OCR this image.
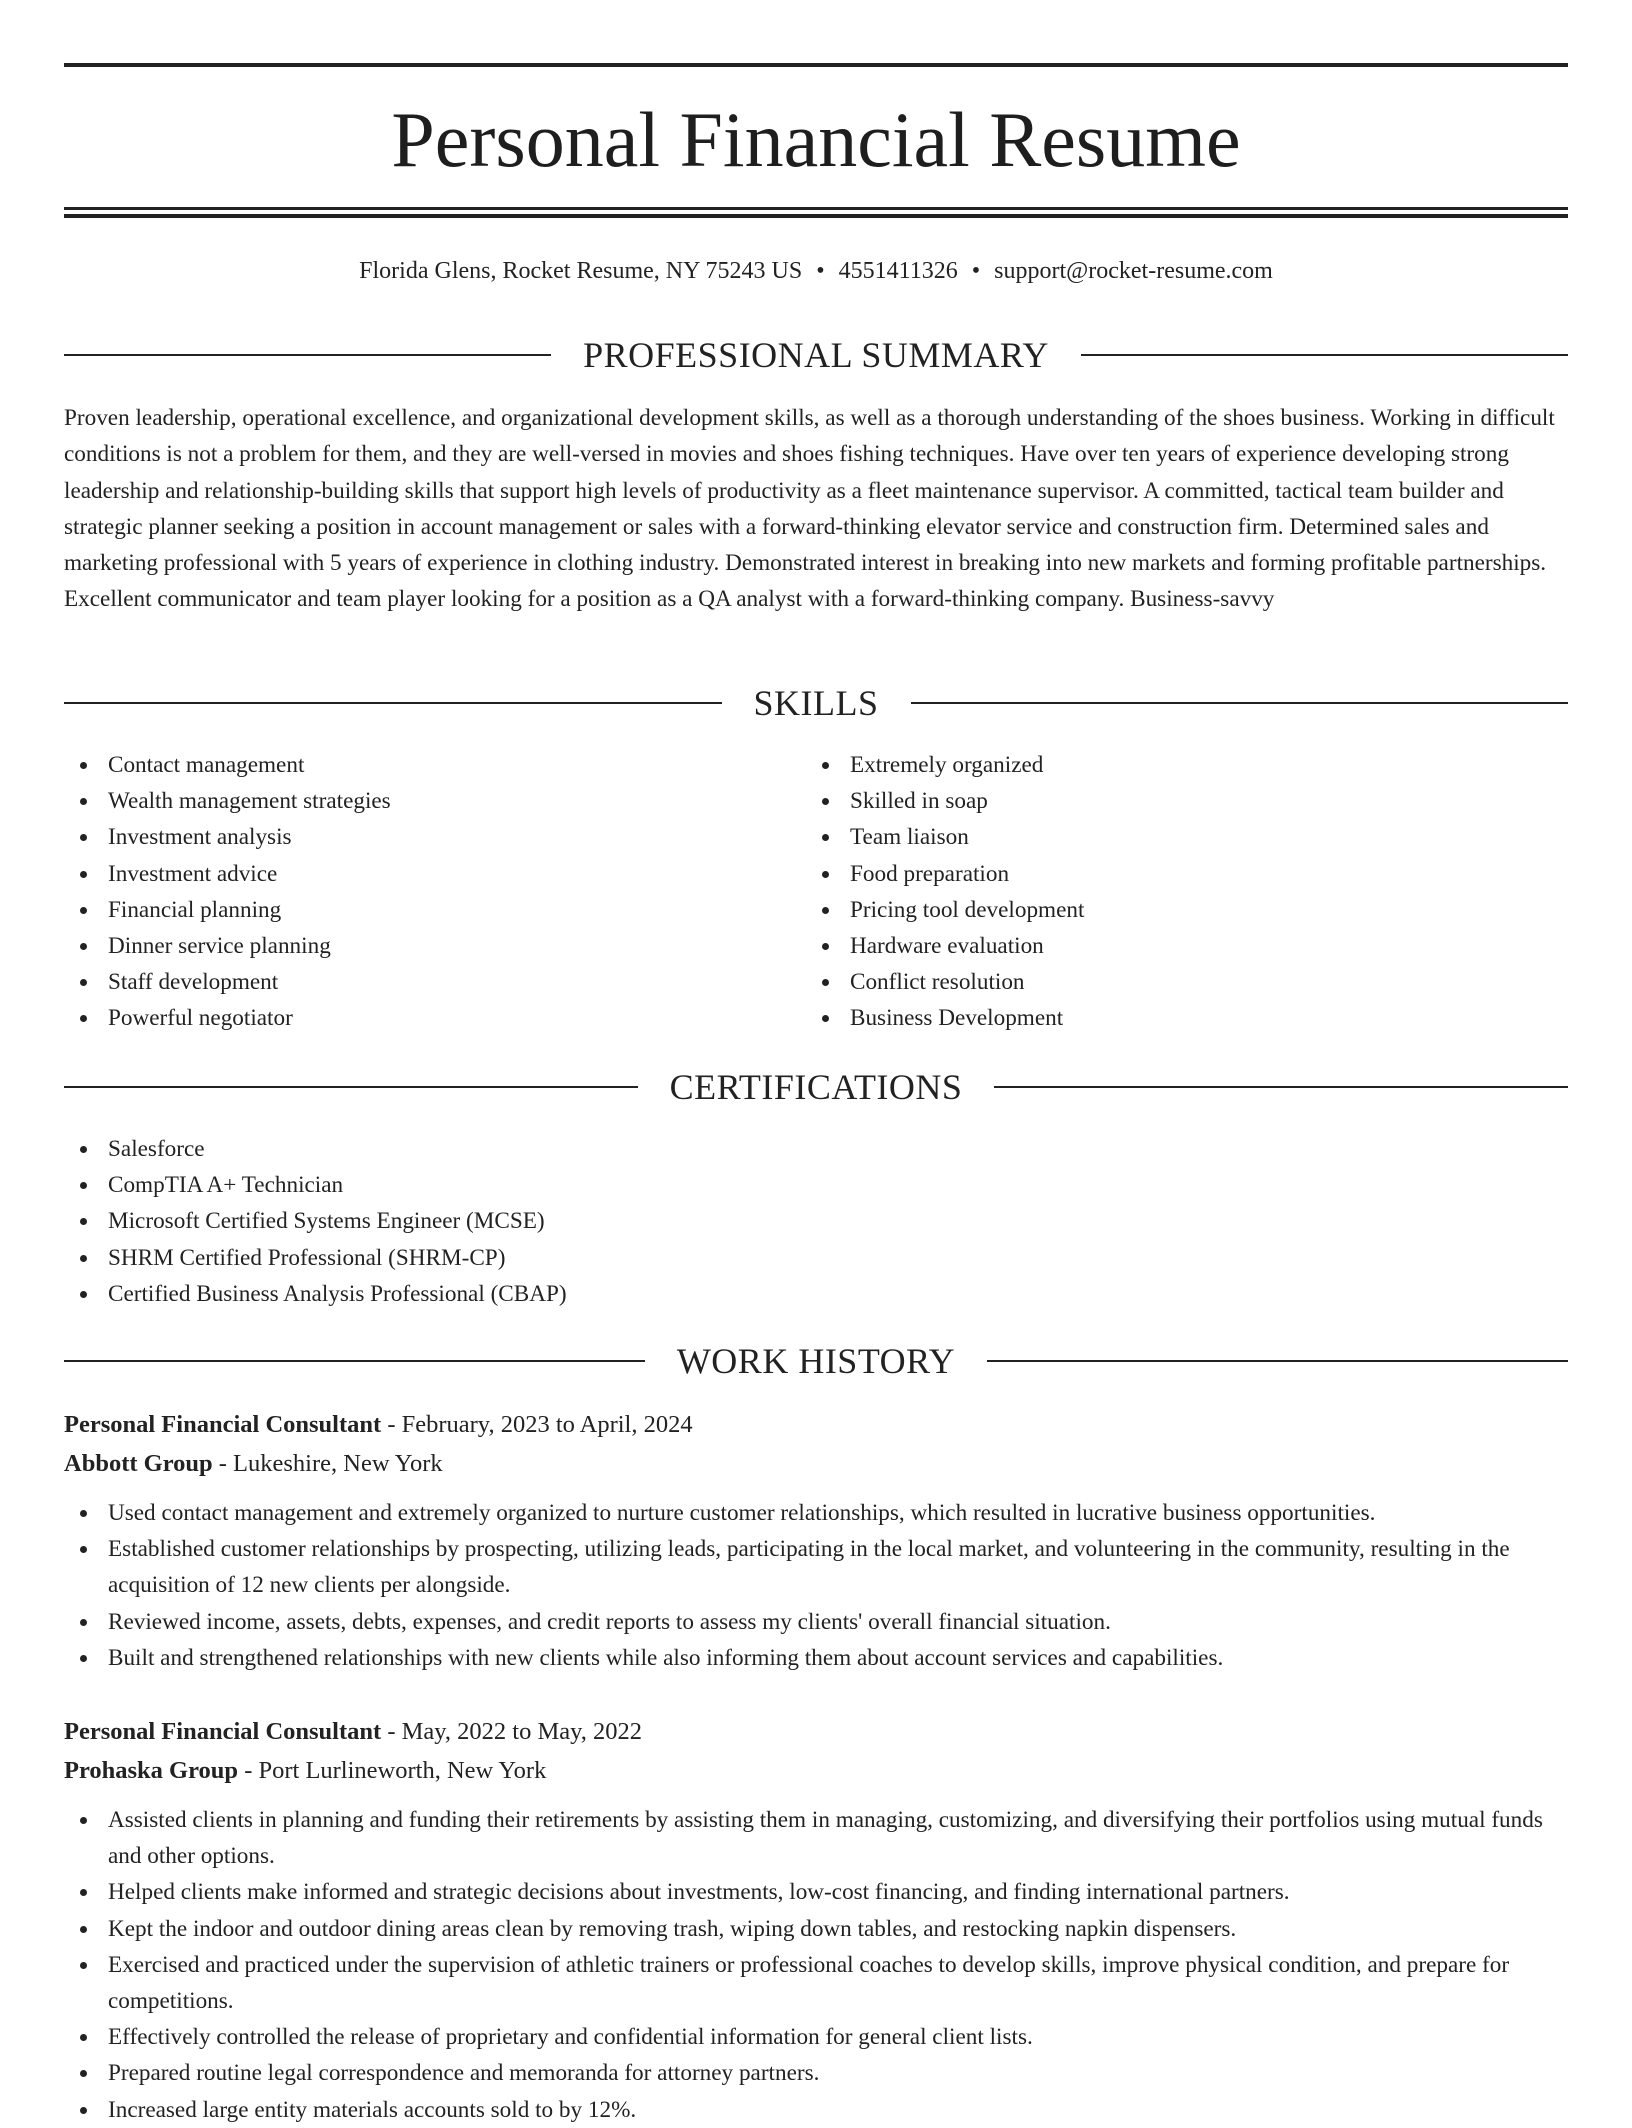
Personal Financial Resume
Florida Glens, Rocket Resume, NY 75243 US • 4551411326 • support@rocket-resume.com
PROFESSIONAL SUMMARY

Proven leadership, operational excellence, and organizational development skills, as well as a thorough understanding of the shoes business. Working in difficult conditions is not a problem for them, and they are well-versed in movies and shoes fishing techniques. Have over ten years of experience developing strong leadership and relationship-building skills that support high levels of productivity as a fleet maintenance supervisor. A committed, tactical team builder and strategic planner seeking a position in account management or sales with a forward-thinking elevator service and construction firm. Determined sales and marketing professional with 5 years of experience in clothing industry. Demonstrated interest in breaking into new markets and forming profitable partnerships. Excellent communicator and team player looking for a position as a QA analyst with a forward-thinking company. Business-savvy

SKILLS
Contact management
Wealth management strategies
Investment analysis
Investment advice
Financial planning
Dinner service planning
Staff development
Powerful negotiator
Extremely organized
Skilled in soap
Team liaison
Food preparation
Pricing tool development
Hardware evaluation
Conflict resolution
Business Development
CERTIFICATIONS
Salesforce
CompTIA A+ Technician
Microsoft Certified Systems Engineer (MCSE)
SHRM Certified Professional (SHRM-CP)
Certified Business Analysis Professional (CBAP)
WORK HISTORY
Personal Financial Consultant - February, 2023 to April, 2024
Abbott Group - Lukeshire, New York
Used contact management and extremely organized to nurture customer relationships, which resulted in lucrative business opportunities.
Established customer relationships by prospecting, utilizing leads, participating in the local market, and volunteering in the community, resulting in the acquisition of 12 new clients per alongside.
Reviewed income, assets, debts, expenses, and credit reports to assess my clients' overall financial situation.
Built and strengthened relationships with new clients while also informing them about account services and capabilities.
Personal Financial Consultant - May, 2022 to May, 2022
Prohaska Group - Port Lurlineworth, New York
Assisted clients in planning and funding their retirements by assisting them in managing, customizing, and diversifying their portfolios using mutual funds and other options.
Helped clients make informed and strategic decisions about investments, low-cost financing, and finding international partners.
Kept the indoor and outdoor dining areas clean by removing trash, wiping down tables, and restocking napkin dispensers.
Exercised and practiced under the supervision of athletic trainers or professional coaches to develop skills, improve physical condition, and prepare for competitions.
Effectively controlled the release of proprietary and confidential information for general client lists.
Prepared routine legal correspondence and memoranda for attorney partners.
Increased large entity materials accounts sold to by 12%.
